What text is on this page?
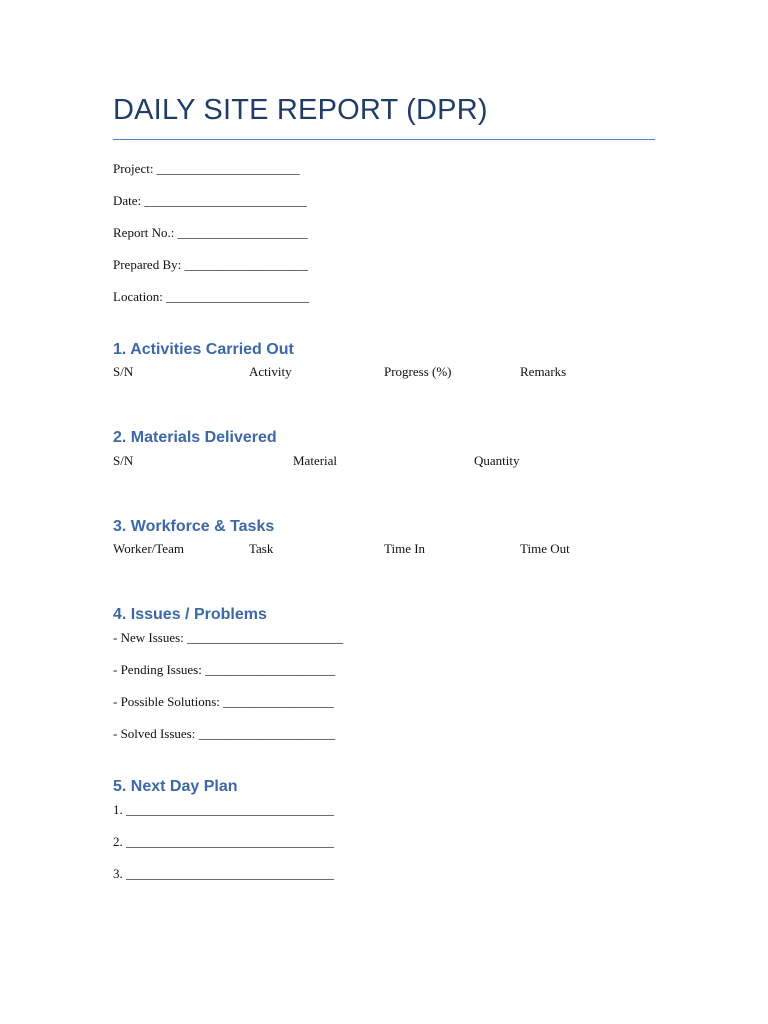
DAILY SITE REPORT (DPR)
Project: ______________________
Date: _________________________
Report No.: ____________________
Prepared By: ___________________
Location: ______________________
1. Activities Carried Out
S/N	Activity	Progress (%)	Remarks
2. Materials Delivered
S/N	Material	Quantity
3. Workforce & Tasks
Worker/Team	Task	Time In	Time Out
4. Issues / Problems
- New Issues: ________________________
- Pending Issues: ____________________
- Possible Solutions: _________________
- Solved Issues: _____________________
5. Next Day Plan
1. ________________________________
2. ________________________________
3. ________________________________
